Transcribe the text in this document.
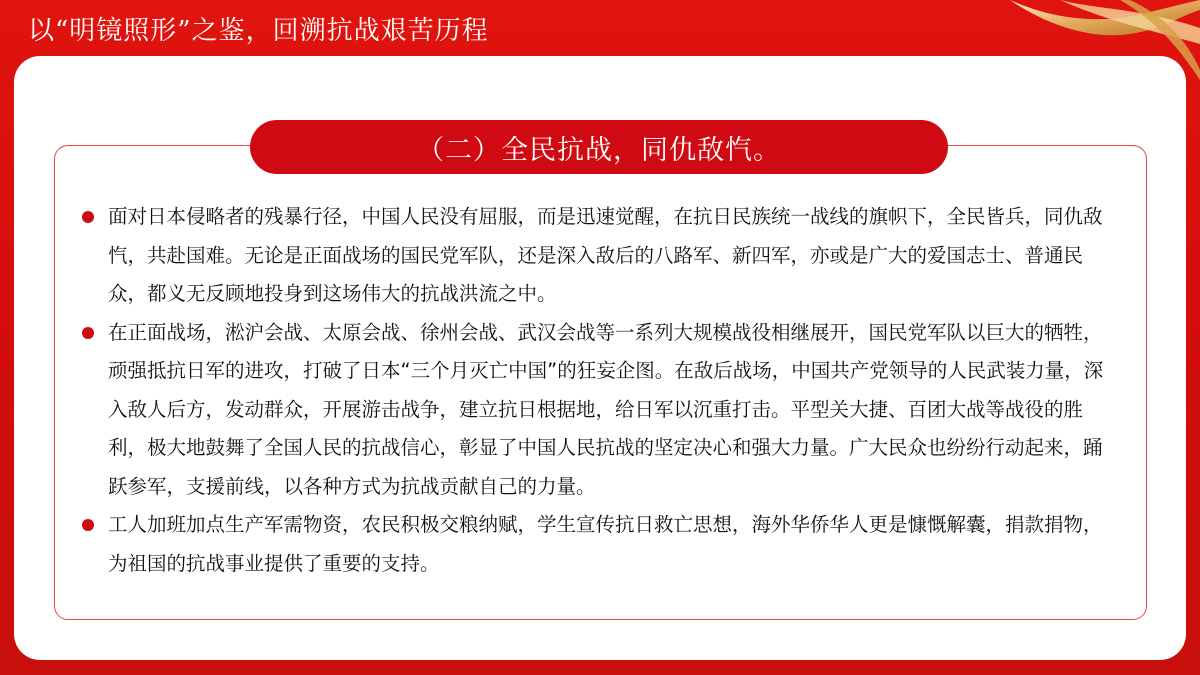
以“明镜照形”之鉴，回溯抗战艰苦历程
（二）全民抗战，同仇敌忾。
面对日本侵略者的残暴行径，中国人民没有屈服，而是迅速觉醒，在抗日民族统一战线的旗帜下，全民皆兵，同仇敌忾，共赴国难。无论是正面战场的国民党军队，还是深入敌后的八路军、新四军，亦或是广大的爱国志士、普通民众，都义无反顾地投身到这场伟大的抗战洪流之中。
在正面战场，淞沪会战、太原会战、徐州会战、武汉会战等一系列大规模战役相继展开，国民党军队以巨大的牺牲，顽强抵抗日军的进攻，打破了日本“三个月灭亡中国”的狂妄企图。在敌后战场，中国共产党领导的人民武装力量，深入敌人后方，发动群众，开展游击战争，建立抗日根据地，给日军以沉重打击。平型关大捷、百团大战等战役的胜利，极大地鼓舞了全国人民的抗战信心，彰显了中国人民抗战的坚定决心和强大力量。广大民众也纷纷行动起来，踊跃参军，支援前线，以各种方式为抗战贡献自己的力量。
工人加班加点生产军需物资，农民积极交粮纳赋，学生宣传抗日救亡思想，海外华侨华人更是慷慨解囊，捐款捐物，为祖国的抗战事业提供了重要的支持。
